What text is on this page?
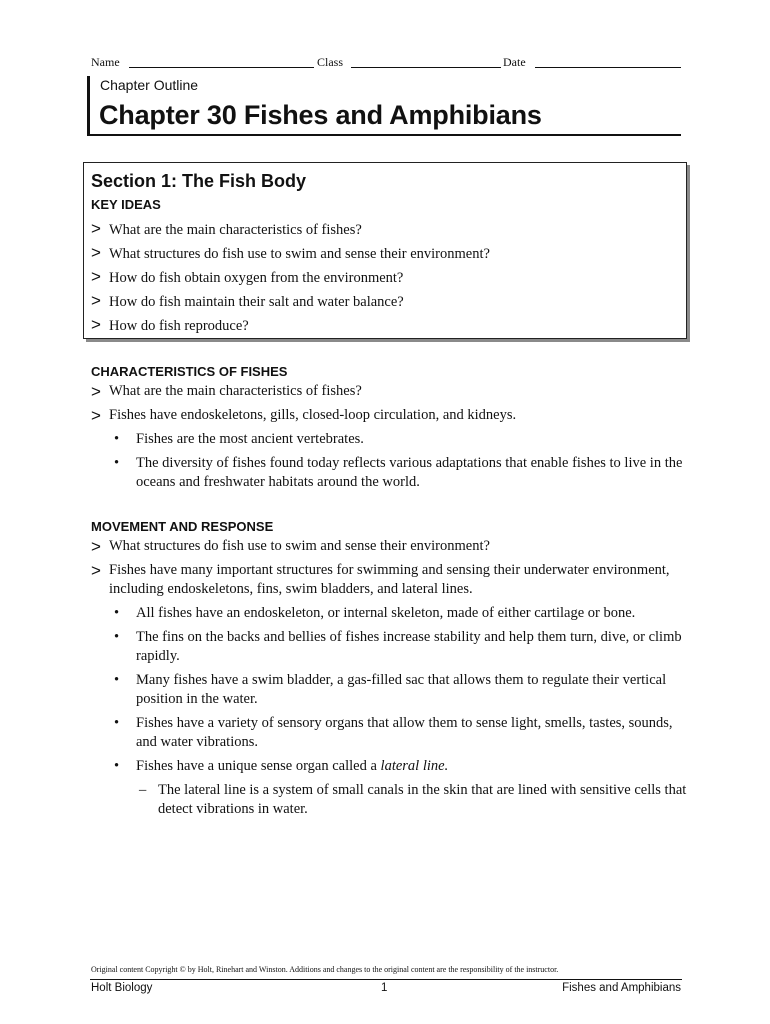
Name	Class	Date
Chapter Outline
Chapter 30 Fishes and Amphibians
Section 1: The Fish Body
KEY IDEAS
> What are the main characteristics of fishes?
> What structures do fish use to swim and sense their environment?
> How do fish obtain oxygen from the environment?
> How do fish maintain their salt and water balance?
> How do fish reproduce?
CHARACTERISTICS OF FISHES

> What are the main characteristics of fishes?

> Fishes have endoskeletons, gills, closed-loop circulation, and kidneys.

• Fishes are the most ancient vertebrates.
• The diversity of fishes found today reflects various adaptations that enable fishes to live in the oceans and freshwater habitats around the world.
MOVEMENT AND RESPONSE

> What structures do fish use to swim and sense their environment?

> Fishes have many important structures for swimming and sensing their underwater environment, including endoskeletons, fins, swim bladders, and lateral lines.

• All fishes have an endoskeleton, or internal skeleton, made of either cartilage or bone.
• The fins on the backs and bellies of fishes increase stability and help them turn, dive, or climb rapidly.
• Many fishes have a swim bladder, a gas-filled sac that allows them to regulate their vertical position in the water.
• Fishes have a variety of sensory organs that allow them to sense light, smells, tastes, sounds, and water vibrations.
• Fishes have a unique sense organ called a lateral line.
– The lateral line is a system of small canals in the skin that are lined with sensitive cells that detect vibrations in water.
Original content Copyright © by Holt, Rinehart and Winston. Additions and changes to the original content are the responsibility of the instructor.
Holt Biology	1	Fishes and Amphibians
